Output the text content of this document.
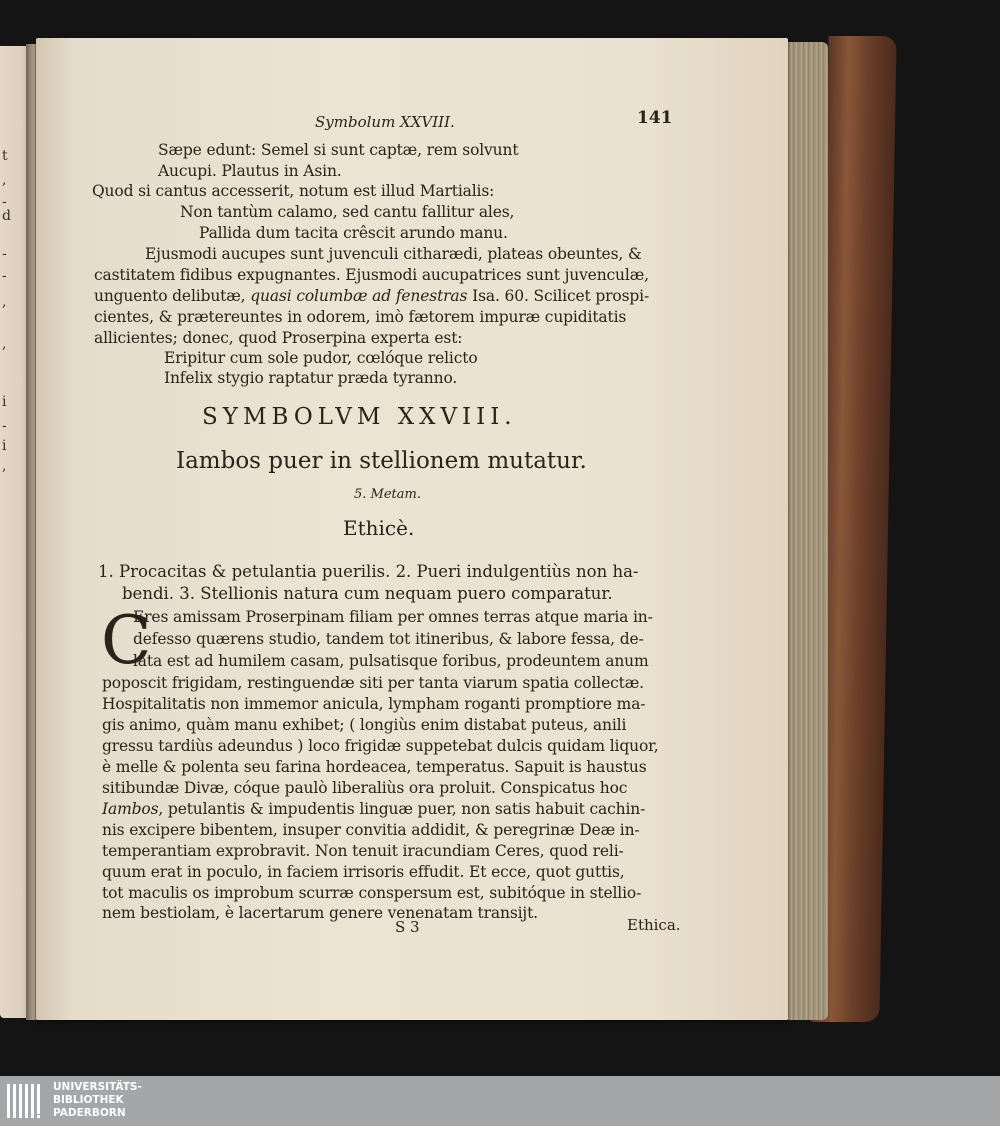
t
,
-
d
-
-
,
,
i
-
i
,
Symbolum XXVIII.	141
Sæpe edunt: Semel si sunt captæ, rem solvunt
Aucupi. Plautus in Asin.
Quod si cantus accesserit, notum est illud Martialis:
Non tantùm calamo, sed cantu fallitur ales,
Pallida dum tacita crêscit arundo manu.
Ejusmodi aucupes sunt juvenculi citharædi, plateas obeuntes, &
castitatem fidibus expugnantes. Ejusmodi aucupatrices sunt juvenculæ,
unguento delibutæ, quasi columbæ ad fenestras Isa. 60. Scilicet prospi-
cientes, & prætereuntes in odorem, imò fætorem impuræ cupiditatis
allicientes; donec, quod Proserpina experta est:
Eripitur cum sole pudor, cœlóque relicto
Infelix stygio raptatur præda tyranno.
SYMBOLVM XXVIII.
Iambos puer in stellionem mutatur.
5. Metam.
Ethicè.
1. Procacitas & petulantia puerilis. 2. Pueri indulgentiùs non ha-
bendi. 3. Stellionis natura cum nequam puero comparatur.
C
Eres amissam Proserpinam filiam per omnes terras atque maria in-
defesso quærens studio, tandem tot itineribus, & labore fessa, de-
lata est ad humilem casam, pulsatisque foribus, prodeuntem anum
poposcit frigidam, restinguendæ siti per tanta viarum spatia collectæ.
Hospitalitatis non immemor anicula, lympham roganti promptiore ma-
gis animo, quàm manu exhibet; ( longiùs enim distabat puteus, anili
gressu tardiùs adeundus ) loco frigidæ suppetebat dulcis quidam liquor,
è melle & polenta seu farina hordeacea, temperatus. Sapuit is haustus
sitibundæ Divæ, cóque paulò liberaliùs ora proluit. Conspicatus hoc
Iambos, petulantis & impudentis linguæ puer, non satis habuit cachin-
nis excipere bibentem, insuper convitia addidit, & peregrinæ Deæ in-
temperantiam exprobravit. Non tenuit iracundiam Ceres, quod reli-
quum erat in poculo, in faciem irrisoris effudit. Et ecce, quot guttis,
tot maculis os improbum scurræ conspersum est, subitóque in stellio-
nem bestiolam, è lacertarum genere venenatam transijt.
S 3	Ethica.
UNIVERSITÄTS-
BIBLIOTHEK
PADERBORN
